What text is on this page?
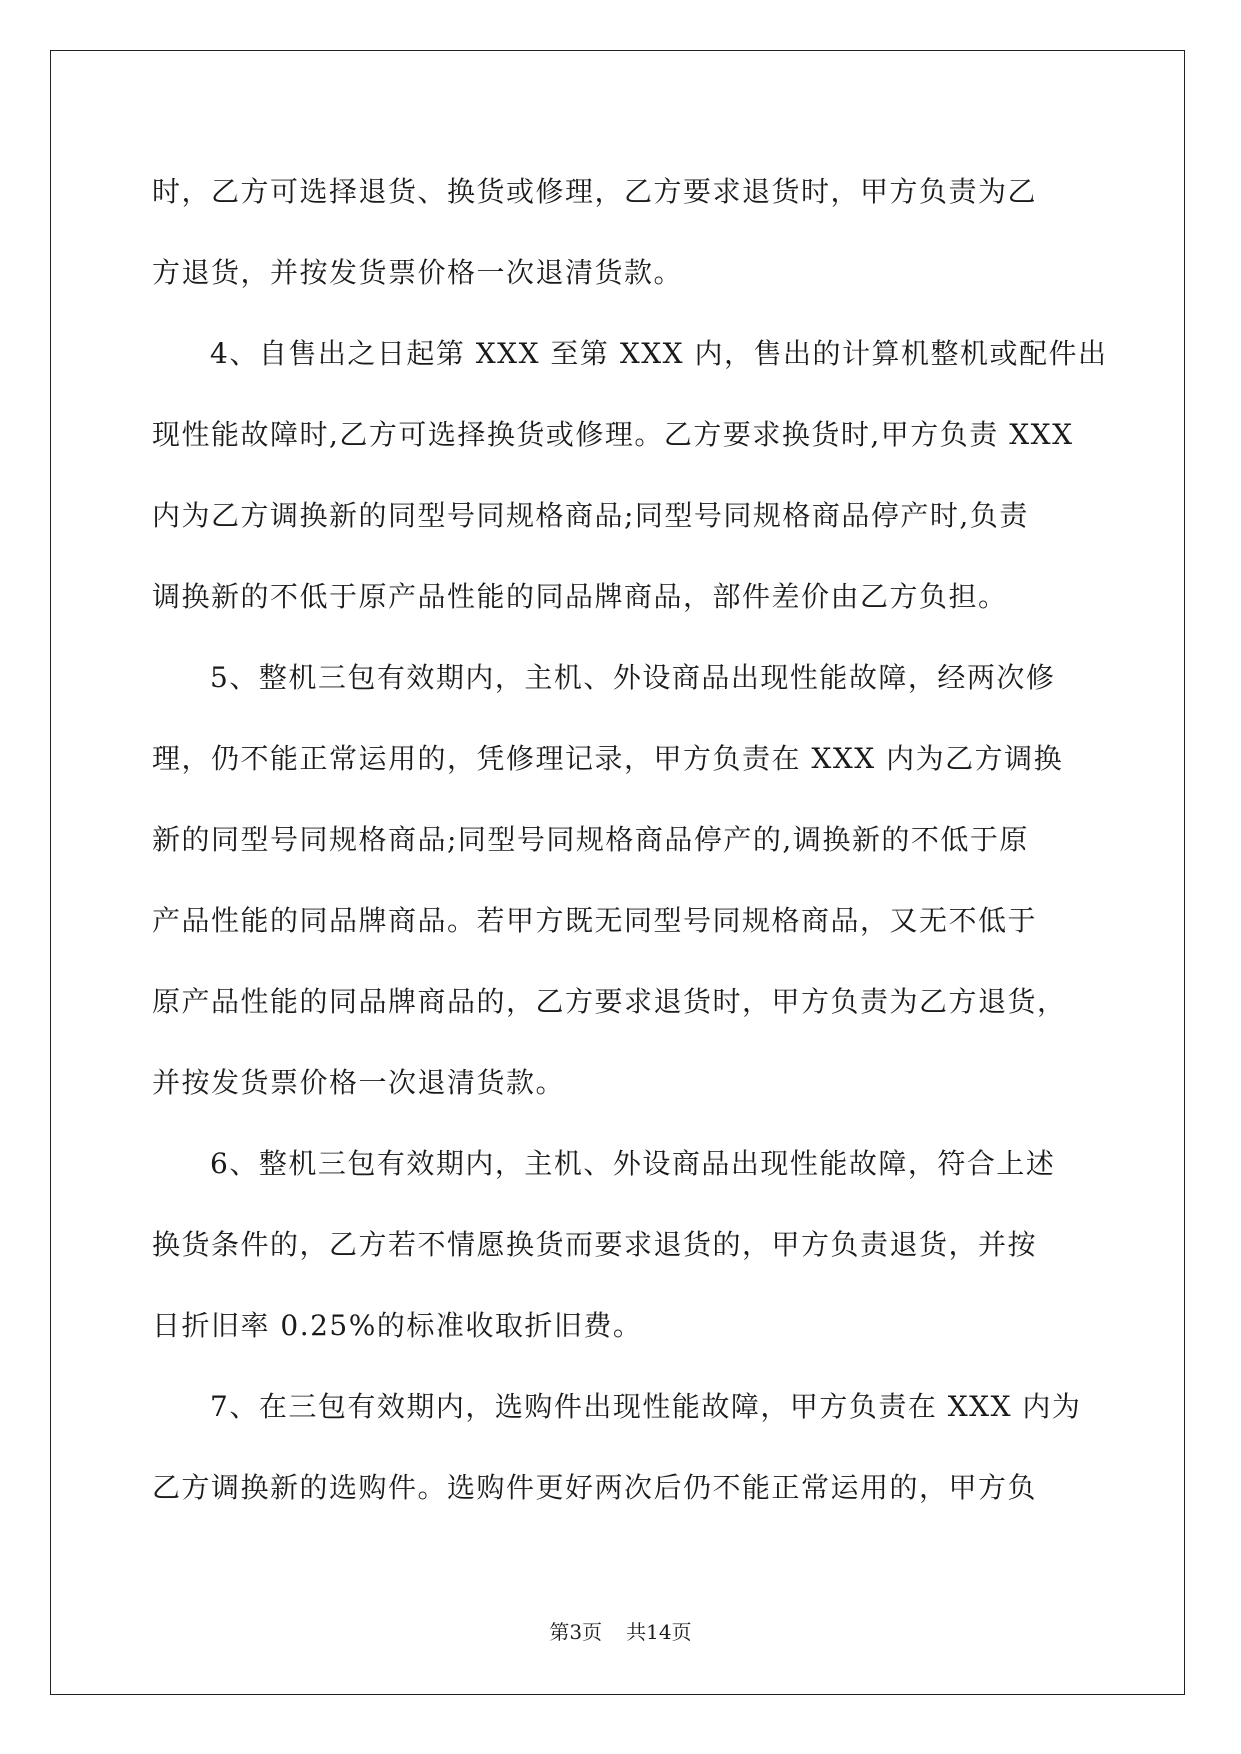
时，乙方可选择退货、换货或修理，乙方要求退货时，甲方负责为乙
方退货，并按发货票价格一次退清货款。
4、自售出之日起第 XXX 至第 XXX 内，售出的计算机整机或配件出
现性能故障时,乙方可选择换货或修理。乙方要求换货时,甲方负责 XXX
内为乙方调换新的同型号同规格商品;同型号同规格商品停产时,负责
调换新的不低于原产品性能的同品牌商品，部件差价由乙方负担。
5、整机三包有效期内，主机、外设商品出现性能故障，经两次修
理，仍不能正常运用的，凭修理记录，甲方负责在 XXX 内为乙方调换
新的同型号同规格商品;同型号同规格商品停产的,调换新的不低于原
产品性能的同品牌商品。若甲方既无同型号同规格商品，又无不低于
原产品性能的同品牌商品的，乙方要求退货时，甲方负责为乙方退货，
并按发货票价格一次退清货款。
6、整机三包有效期内，主机、外设商品出现性能故障，符合上述
换货条件的，乙方若不情愿换货而要求退货的，甲方负责退货，并按
日折旧率 0.25%的标准收取折旧费。
7、在三包有效期内，选购件出现性能故障，甲方负责在 XXX 内为
乙方调换新的选购件。选购件更好两次后仍不能正常运用的，甲方负
第3页 共14页
